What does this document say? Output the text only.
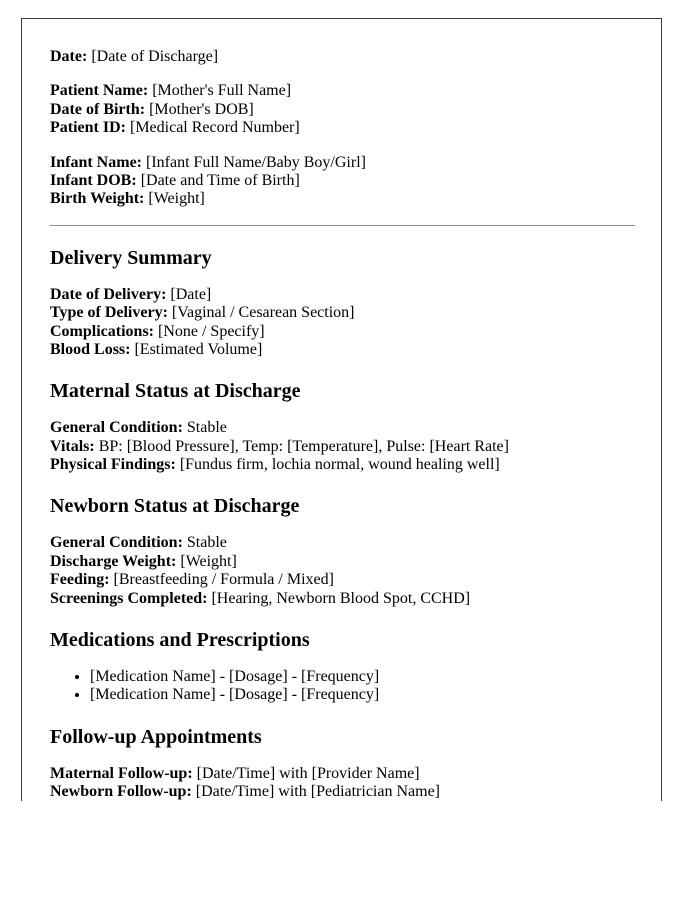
Date: [Date of Discharge]

Patient Name: [Mother's Full Name]
Date of Birth: [Mother's DOB]
Patient ID: [Medical Record Number]

Infant Name: [Infant Full Name/Baby Boy/Girl]
Infant DOB: [Date and Time of Birth]
Birth Weight: [Weight]

Delivery Summary

Date of Delivery: [Date]
Type of Delivery: [Vaginal / Cesarean Section]
Complications: [None / Specify]
Blood Loss: [Estimated Volume]

Maternal Status at Discharge

General Condition: Stable
Vitals: BP: [Blood Pressure], Temp: [Temperature], Pulse: [Heart Rate]
Physical Findings: [Fundus firm, lochia normal, wound healing well]

Newborn Status at Discharge

General Condition: Stable
Discharge Weight: [Weight]
Feeding: [Breastfeeding / Formula / Mixed]
Screenings Completed: [Hearing, Newborn Blood Spot, CCHD]

Medications and Prescriptions
• [Medication Name] - [Dosage] - [Frequency]
• [Medication Name] - [Dosage] - [Frequency]
Follow-up Appointments

Maternal Follow-up: [Date/Time] with [Provider Name]
Newborn Follow-up: [Date/Time] with [Pediatrician Name]
